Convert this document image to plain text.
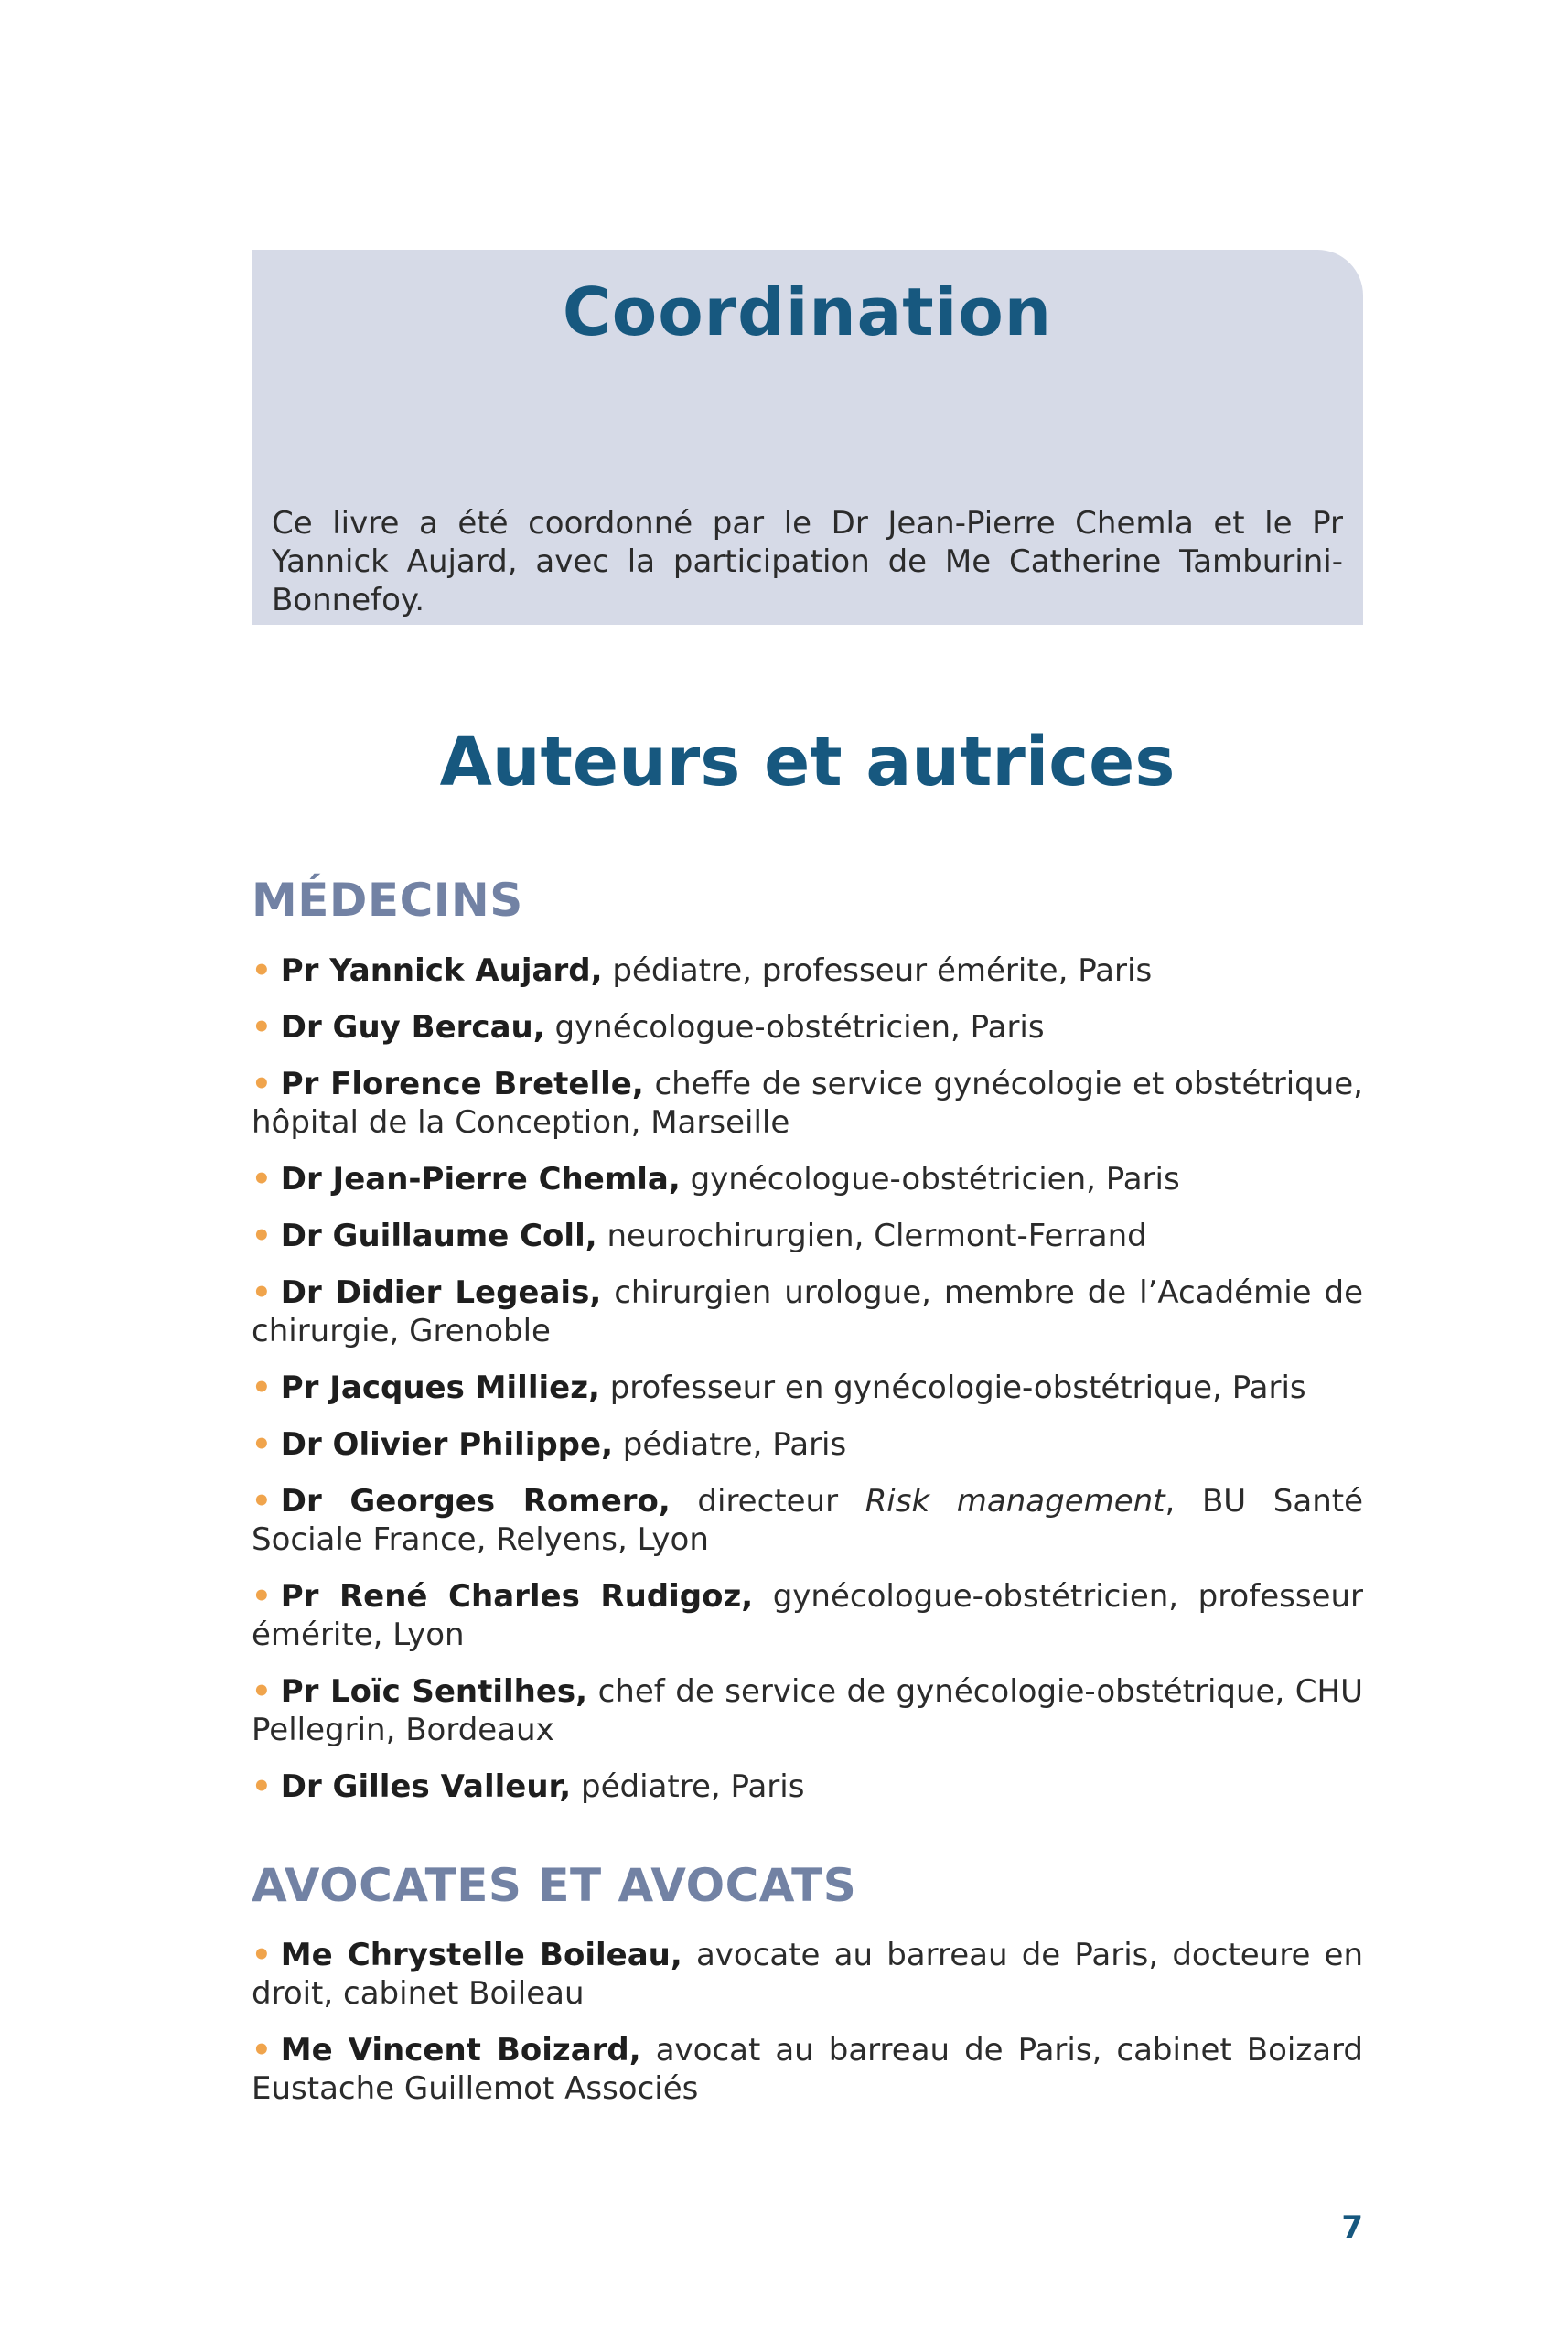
Coordination

Ce livre a été coordonné par le Dr Jean-Pierre Chemla et le Pr Yannick Aujard, avec la participation de Me Catherine Tamburini-Bonnefoy.

Auteurs et autrices
MÉDECINS
• Pr Yannick Aujard, pédiatre, professeur émérite, Paris
• Dr Guy Bercau, gynécologue-obstétricien, Paris
• Pr Florence Bretelle, cheffe de service gynécologie et obstétrique, hôpital de la Conception, Marseille
• Dr Jean-Pierre Chemla, gynécologue-obstétricien, Paris
• Dr Guillaume Coll, neurochirurgien, Clermont-Ferrand
• Dr Didier Legeais, chirurgien urologue, membre de l’Académie de chirurgie, Grenoble
• Pr Jacques Milliez, professeur en gynécologie-obstétrique, Paris
• Dr Olivier Philippe, pédiatre, Paris
• Dr Georges Romero, directeur Risk management, BU Santé Sociale France, Relyens, Lyon
• Pr René Charles Rudigoz, gynécologue-obstétricien, professeur émérite, Lyon
• Pr Loïc Sentilhes, chef de service de gynécologie-obstétrique, CHU Pellegrin, Bordeaux
• Dr Gilles Valleur, pédiatre, Paris
AVOCATES ET AVOCATS
• Me Chrystelle Boileau, avocate au barreau de Paris, docteure en droit, cabinet Boileau
• Me Vincent Boizard, avocat au barreau de Paris, cabinet Boizard Eustache Guillemot Associés

7
